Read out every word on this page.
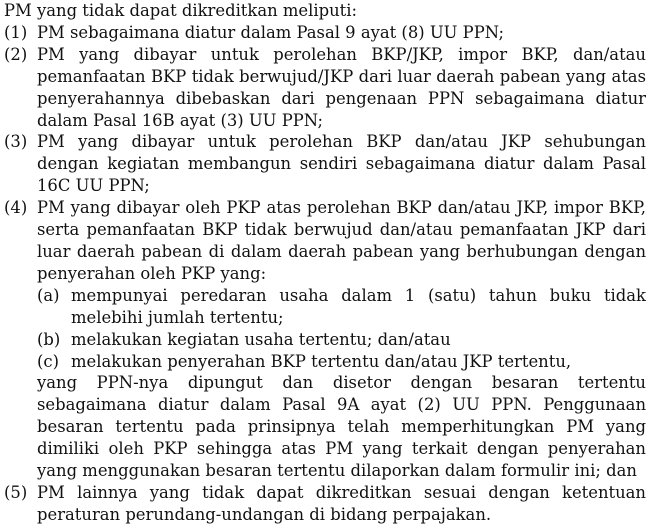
PM yang tidak dapat dikreditkan meliputi:
(1) PM sebagaimana diatur dalam Pasal 9 ayat (8) UU PPN;
(2) PM yang dibayar untuk perolehan BKP/JKP, impor BKP, dan/atau pemanfaatan BKP tidak berwujud/JKP dari luar daerah pabean yang atas penyerahannya dibebaskan dari pengenaan PPN sebagaimana diatur dalam Pasal 16B ayat (3) UU PPN;
(3) PM yang dibayar untuk perolehan BKP dan/atau JKP sehubungan dengan kegiatan membangun sendiri sebagaimana diatur dalam Pasal 16C UU PPN;
(4) PM yang dibayar oleh PKP atas perolehan BKP dan/atau JKP, impor BKP, serta pemanfaatan BKP tidak berwujud dan/atau pemanfaatan JKP dari luar daerah pabean di dalam daerah pabean yang berhubungan dengan penyerahan oleh PKP yang:
(a) mempunyai peredaran usaha dalam 1 (satu) tahun buku tidak melebihi jumlah tertentu;
(b) melakukan kegiatan usaha tertentu; dan/atau
(c) melakukan penyerahan BKP tertentu dan/atau JKP tertentu,
yang PPN-nya dipungut dan disetor dengan besaran tertentu sebagaimana diatur dalam Pasal 9A ayat (2) UU PPN. Penggunaan besaran tertentu pada prinsipnya telah memperhitungkan PM yang dimiliki oleh PKP sehingga atas PM yang terkait dengan penyerahan yang menggunakan besaran tertentu dilaporkan dalam formulir ini; dan
(5) PM lainnya yang tidak dapat dikreditkan sesuai dengan ketentuan peraturan perundang-undangan di bidang perpajakan.
